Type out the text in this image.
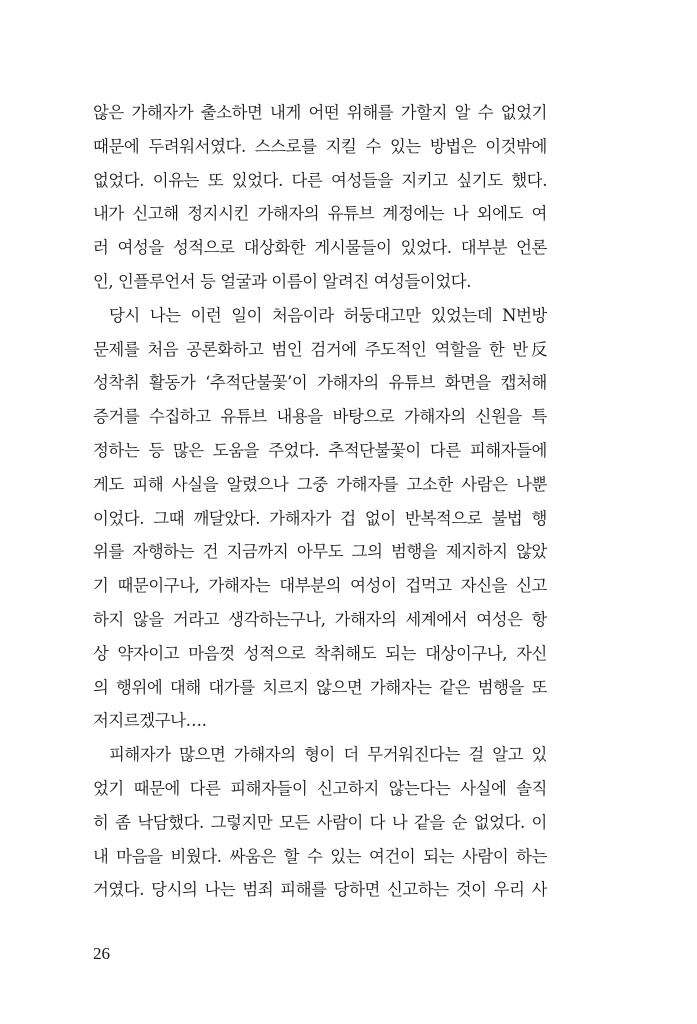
않은 가해자가 출소하면 내게 어떤 위해를 가할지 알 수 없었기
때문에 두려워서였다. 스스로를 지킬 수 있는 방법은 이것밖에
없었다. 이유는 또 있었다. 다른 여성들을 지키고 싶기도 했다.
내가 신고해 정지시킨 가해자의 유튜브 계정에는 나 외에도 여
러 여성을 성적으로 대상화한 게시물들이 있었다. 대부분 언론
인, 인플루언서 등 얼굴과 이름이 알려진 여성들이었다.
당시 나는 이런 일이 처음이라 허둥대고만 있었는데 N번방
문제를 처음 공론화하고 범인 검거에 주도적인 역할을 한 반反
성착취 활동가 ‘추적단불꽃’이 가해자의 유튜브 화면을 캡처해
증거를 수집하고 유튜브 내용을 바탕으로 가해자의 신원을 특
정하는 등 많은 도움을 주었다. 추적단불꽃이 다른 피해자들에
게도 피해 사실을 알렸으나 그중 가해자를 고소한 사람은 나뿐
이었다. 그때 깨달았다. 가해자가 겁 없이 반복적으로 불법 행
위를 자행하는 건 지금까지 아무도 그의 범행을 제지하지 않았
기 때문이구나, 가해자는 대부분의 여성이 겁먹고 자신을 신고
하지 않을 거라고 생각하는구나, 가해자의 세계에서 여성은 항
상 약자이고 마음껏 성적으로 착취해도 되는 대상이구나, 자신
의 행위에 대해 대가를 치르지 않으면 가해자는 같은 범행을 또
저지르겠구나….
피해자가 많으면 가해자의 형이 더 무거워진다는 걸 알고 있
었기 때문에 다른 피해자들이 신고하지 않는다는 사실에 솔직
히 좀 낙담했다. 그렇지만 모든 사람이 다 나 같을 순 없었다. 이
내 마음을 비웠다. 싸움은 할 수 있는 여건이 되는 사람이 하는
거였다. 당시의 나는 범죄 피해를 당하면 신고하는 것이 우리 사
26
